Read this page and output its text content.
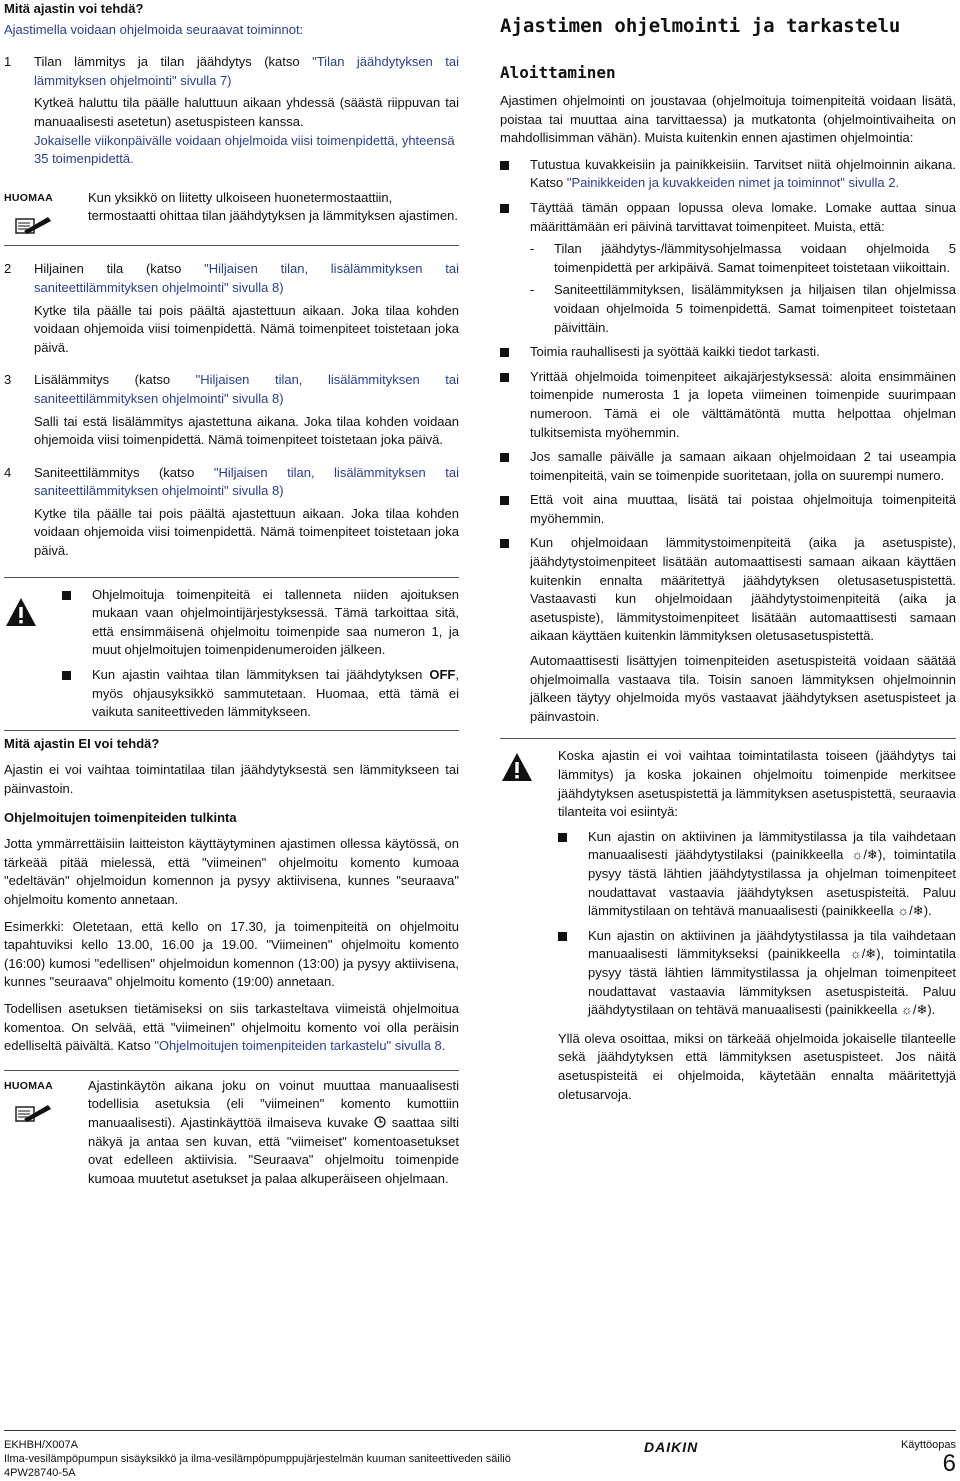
Mitä ajastin voi tehdä?

Ajastimella voidaan ohjelmoida seuraavat toiminnot:

1	Tilan lämmitys ja tilan jäähdytys (katso "Tilan jäähdytyksen tai lämmityksen ohjelmointi" sivulla 7)

Kytkeä haluttu tila päälle haluttuun aikaan yhdessä (säästä riippuvan tai manuaalisesti asetetun) asetuspisteen kanssa.

Jokaiselle viikonpäivälle voidaan ohjelmoida viisi toimenpidettä, yhteensä 35 toimenpidettä.

HUOMAA	Kun yksikkö on liitetty ulkoiseen huonetermostaattiin, termostaatti ohittaa tilan jäähdytyksen ja lämmityksen ajastimen.
2	Hiljainen tila (katso "Hiljaisen tilan, lisälämmityksen tai saniteettilämmityksen ohjelmointi" sivulla 8)

Kytke tila päälle tai pois päältä ajastettuun aikaan. Joka tilaa kohden voidaan ohjemoida viisi toimenpidettä. Nämä toimenpiteet toistetaan joka päivä.

3	Lisälämmitys (katso "Hiljaisen tilan, lisälämmityksen tai saniteettilämmityksen ohjelmointi" sivulla 8)

Salli tai estä lisälämmitys ajastettuna aikana. Joka tilaa kohden voidaan ohjemoida viisi toimenpidettä. Nämä toimenpiteet toistetaan joka päivä.

4	Saniteettilämmitys (katso "Hiljaisen tilan, lisälämmityksen tai saniteettilämmityksen ohjelmointi" sivulla 8)

Kytke tila päälle tai pois päältä ajastettuun aikaan. Joka tilaa kohden voidaan ohjemoida viisi toimenpidettä. Nämä toimenpiteet toistetaan joka päivä.

Ohjelmoituja toimenpiteitä ei tallenneta niiden ajoituksen mukaan vaan ohjelmointijärjestyksessä. Tämä tarkoittaa sitä, että ensimmäisenä ohjelmoitu toimenpide saa numeron 1, ja muut ohjelmoitujen toimenpidenumeroiden jälkeen.
Kun ajastin vaihtaa tilan lämmityksen tai jäähdytyksen OFF, myös ohjausyksikkö sammutetaan. Huomaa, että tämä ei vaikuta saniteettiveden lämmitykseen.
Mitä ajastin EI voi tehdä?

Ajastin ei voi vaihtaa toimintatilaa tilan jäähdytyksestä sen lämmitykseen tai päinvastoin.

Ohjelmoitujen toimenpiteiden tulkinta

Jotta ymmärrettäisiin laitteiston käyttäytyminen ajastimen ollessa käytössä, on tärkeää pitää mielessä, että "viimeinen" ohjelmoitu komento kumoaa "edeltävän" ohjelmoidun komennon ja pysyy aktiivisena, kunnes "seuraava" ohjelmoitu komento annetaan.

Esimerkki: Oletetaan, että kello on 17.30, ja toimenpiteitä on ohjelmoitu tapahtuviksi kello 13.00, 16.00 ja 19.00. "Viimeinen" ohjelmoitu komento (16:00) kumosi "edellisen" ohjelmoidun komennon (13:00) ja pysyy aktiivisena, kunnes "seuraava" ohjelmoitu komento (19:00) annetaan.

Todellisen asetuksen tietämiseksi on siis tarkasteltava viimeistä ohjelmoitua komentoa. On selvää, että "viimeinen" ohjelmoitu komento voi olla peräisin edelliseltä päivältä. Katso "Ohjelmoitujen toimenpiteiden tarkastelu" sivulla 8.

HUOMAA	Ajastinkäytön aikana joku on voinut muuttaa manuaalisesti todellisia asetuksia (eli "viimeinen" komento kumottiin manuaalisesti). Ajastinkäyttöä ilmaiseva kuvake  saattaa silti näkyä ja antaa sen kuvan, että "viimeiset" komentoasetukset ovat edelleen aktiivisia. "Seuraava" ohjelmoitu toimenpide kumoaa muutetut asetukset ja palaa alkuperäiseen ohjelmaan.
Ajastimen ohjelmointi ja tarkastelu
Aloittaminen

Ajastimen ohjelmointi on joustavaa (ohjelmoituja toimenpiteitä voidaan lisätä, poistaa tai muuttaa aina tarvittaessa) ja mutkatonta (ohjelmointivaiheita on mahdollisimman vähän). Muista kuitenkin ennen ajastimen ohjelmointia:

Tutustua kuvakkeisiin ja painikkeisiin. Tarvitset niitä ohjelmoinnin aikana. Katso "Painikkeiden ja kuvakkeiden nimet ja toiminnot" sivulla 2.
Täyttää tämän oppaan lopussa oleva lomake. Lomake auttaa sinua määrittämään eri päivinä tarvittavat toimenpiteet. Muista, että:
-	Tilan jäähdytys-/lämmitysohjelmassa voidaan ohjelmoida 5 toimenpidettä per arkipäivä. Samat toimenpiteet toistetaan viikoittain.
-	Saniteettilämmityksen, lisälämmityksen ja hiljaisen tilan ohjelmissa voidaan ohjelmoida 5 toimenpidettä. Samat toimenpiteet toistetaan päivittäin.
Toimia rauhallisesti ja syöttää kaikki tiedot tarkasti.
Yrittää ohjelmoida toimenpiteet aikajärjestyksessä: aloita ensimmäinen toimenpide numerosta 1 ja lopeta viimeinen toimenpide suurimpaan numeroon. Tämä ei ole välttämätöntä mutta helpottaa ohjelman tulkitsemista myöhemmin.
Jos samalle päivälle ja samaan aikaan ohjelmoidaan 2 tai useampia toimenpiteitä, vain se toimenpide suoritetaan, jolla on suurempi numero.
Että voit aina muuttaa, lisätä tai poistaa ohjelmoituja toimenpiteitä myöhemmin.
Kun ohjelmoidaan lämmitystoimenpiteitä (aika ja asetuspiste), jäähdytystoimenpiteet lisätään automaattisesti samaan aikaan käyttäen kuitenkin ennalta määritettyä jäähdytyksen oletusasetuspistettä. Vastaavasti kun ohjelmoidaan jäähdytystoimenpiteitä (aika ja asetuspiste), lämmitystoimenpiteet lisätään automaattisesti samaan aikaan käyttäen kuitenkin lämmityksen oletusasetuspistettä.
Automaattisesti lisättyjen toimenpiteiden asetuspisteitä voidaan säätää ohjelmoimalla vastaava tila. Toisin sanoen lämmityksen ohjelmoinnin jälkeen täytyy ohjelmoida myös vastaavat jäähdytyksen asetuspisteet ja päinvastoin.

Koska ajastin ei voi vaihtaa toimintatilasta toiseen (jäähdytys tai lämmitys) ja koska jokainen ohjelmoitu toimenpide merkitsee jäähdytyksen asetuspistettä ja lämmityksen asetuspistettä, seuraavia tilanteita voi esiintyä:

Kun ajastin on aktiivinen ja lämmitystilassa ja tila vaihdetaan manuaalisesti jäähdytystilaksi (painikkeella ☼/❄), toimintatila pysyy tästä lähtien jäähdytystilassa ja ohjelman toimenpiteet noudattavat vastaavia jäähdytyksen asetuspisteitä. Paluu lämmitystilaan on tehtävä manuaalisesti (painikkeella ☼/❄).
Kun ajastin on aktiivinen ja jäähdytystilassa ja tila vaihdetaan manuaalisesti lämmitykseksi (painikkeella ☼/❄), toimintatila pysyy tästä lähtien lämmitystilassa ja ohjelman toimenpiteet noudattavat vastaavia lämmityksen asetuspisteitä. Paluu jäähdytystilaan on tehtävä manuaalisesti (painikkeella ☼/❄).

Yllä oleva osoittaa, miksi on tärkeää ohjelmoida jokaiselle tilanteelle sekä jäähdytyksen että lämmityksen asetuspisteet. Jos näitä asetuspisteitä ei ohjelmoida, käytetään ennalta määritettyjä oletusarvoja.

EKHBH/X007A
Ilma-vesilämpöpumpun sisäyksikkö ja ilma-vesilämpöpumppujärjestelmän kuuman saniteettiveden säiliö
4PW28740-5A
DAIKIN	Käyttöopas
6
